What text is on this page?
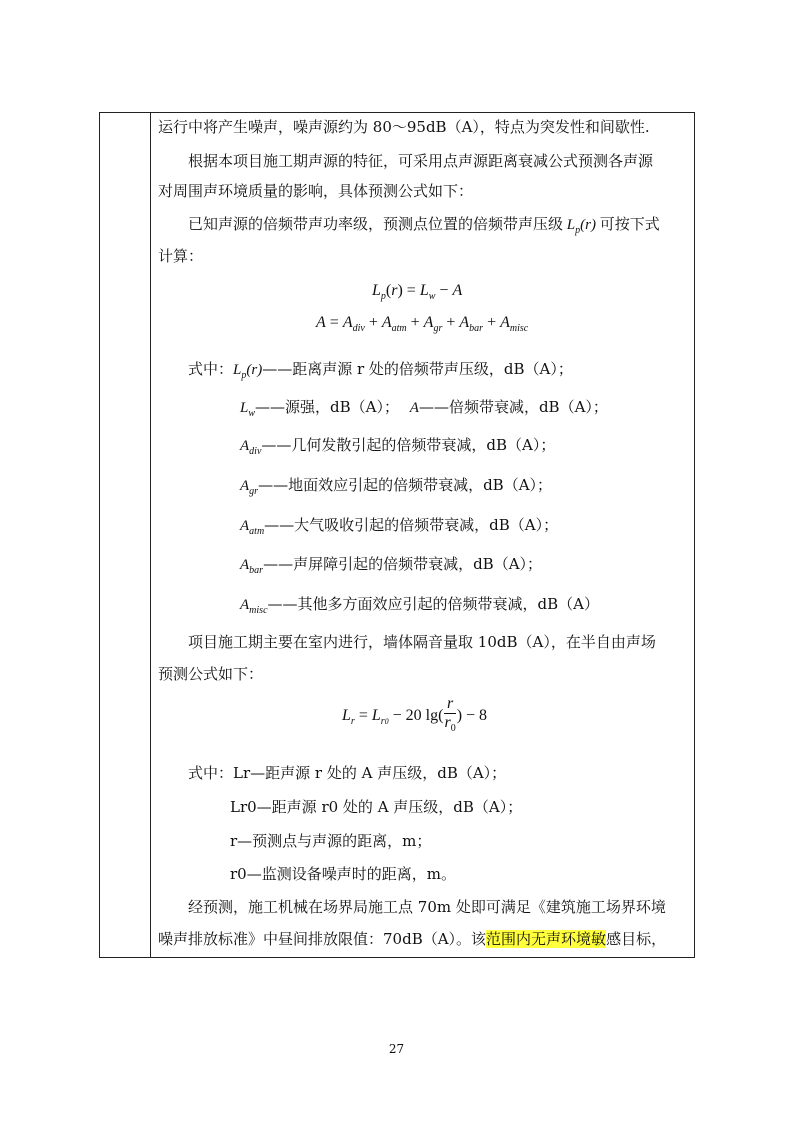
运行中将产生噪声，噪声源约为 80～95dB（A），特点为突发性和间歇性.
根据本项目施工期声源的特征，可采用点声源距离衰减公式预测各声源
对周围声环境质量的影响，具体预测公式如下：
已知声源的倍频带声功率级，预测点位置的倍频带声压级 $L_p(r)$ 可按下式
计算：
$L_p(r) = L_w - A$
$A = A_{div} + A_{atm} + A_{gr} + A_{bar} + A_{misc}$
式中：$L_p(r)——$距离声源 r 处的倍频带声压级，dB（A）；
$L_w——$源强，dB（A）； A——倍频带衰减，dB（A）；
$A_{div}——$几何发散引起的倍频带衰减，dB（A）；
$A_{gr}——$地面效应引起的倍频带衰减，dB（A）；
$A_{atm}——$大气吸收引起的倍频带衰减，dB（A）；
$A_{bar}——$声屏障引起的倍频带衰减，dB（A）；
$A_{misc}——$其他多方面效应引起的倍频带衰减，dB（A）
项目施工期主要在室内进行，墙体隔音量取 10dB（A），在半自由声场
预测公式如下：
$L_r = L_{r0} - 20$ $\lg( \frac{r}{r_0}$ ) − 8
式中：Lr—距声源 r 处的 A 声压级，dB（A）；
Lr0—距声源 r0 处的 A 声压级，dB（A）；
r—预测点与声源的距离，m；
r0—监测设备噪声时的距离，m。
经预测，施工机械在场界局施工点 70m 处即可满足《建筑施工场界环境
噪声排放标准》中昼间排放限值：70dB（A）。该范围内无声环境敏感目标，
27
